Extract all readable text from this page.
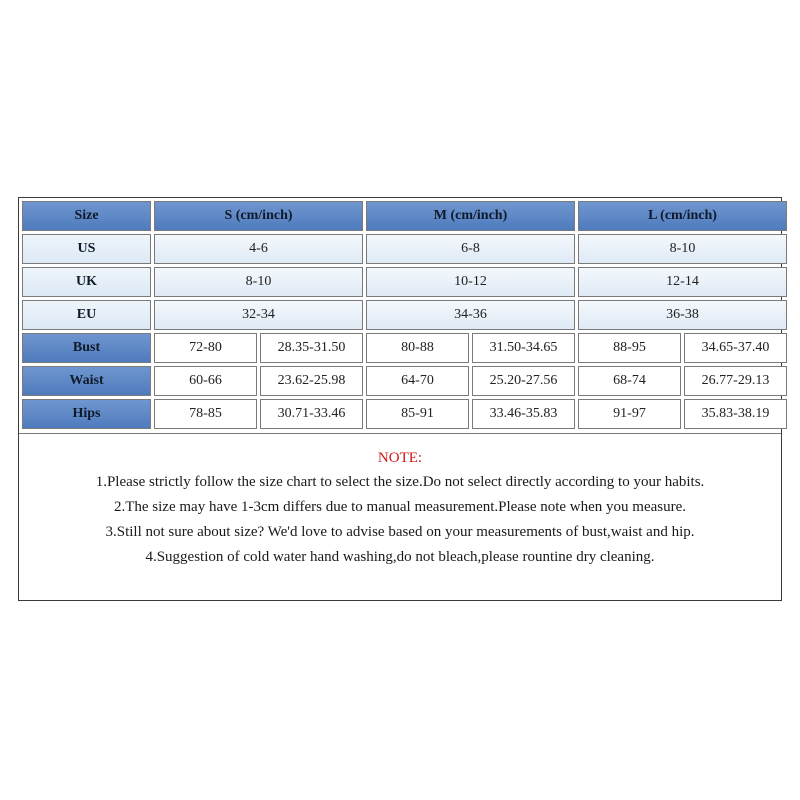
Size	S (cm/inch)		M (cm/inch)		L (cm/inch)	
US	4-6		6-8		8-10	
UK	8-10		10-12		12-14	
EU	32-34		34-36		36-38	
Bust	72-80	28.35-31.50	80-88	31.50-34.65	88-95	34.65-37.40
Waist	60-66	23.62-25.98	64-70	25.20-27.56	68-74	26.77-29.13
Hips	78-85	30.71-33.46	85-91	33.46-35.83	91-97	35.83-38.19
NOTE:
1.Please strictly follow the size chart to select the size.Do not select directly according to your habits.
2.The size may have 1-3cm differs due to manual measurement.Please note when you measure.
3.Still not sure about size? We'd love to advise based on your measurements of bust,waist and hip.
4.Suggestion of cold water hand washing,do not bleach,please rountine dry cleaning.
